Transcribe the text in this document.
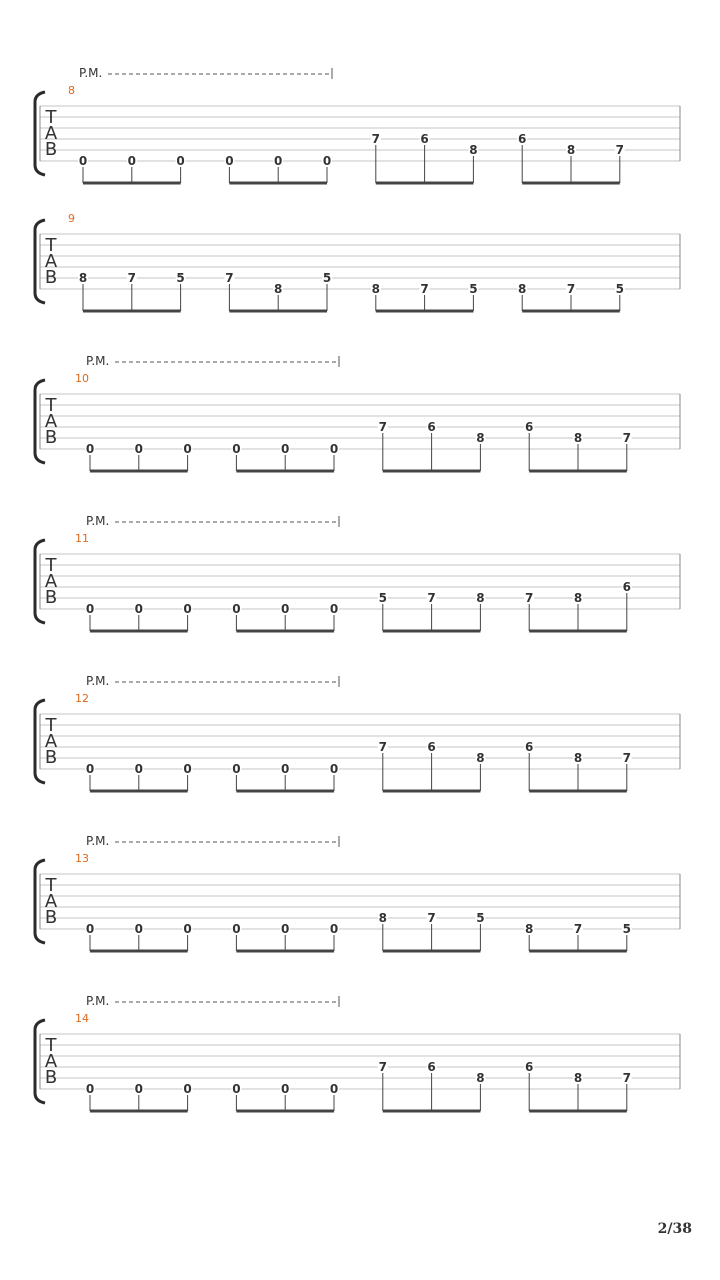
T
A
B
8
P.M.
0	0	0	0	0	0
7	6
8
6
8	7
T
A
B
9
8	7	5	7
8
5
8	7	5	8	7	5
T
A
B
10
P.M.
0	0	0	0	0	0
7	6
8
6
8	7
T
A
B
11
P.M.
0	0	0	0	0	0
5	7	8	7	8
6
T
A
B
12
P.M.
0	0	0	0	0	0
7	6
8
6
8	7
T
A
B
13
P.M.
0	0	0	0	0	0
8	7	5
8	7	5
T
A
B
14
P.M.
0	0	0	0	0	0
7	6
8
6
8	7
2/38
